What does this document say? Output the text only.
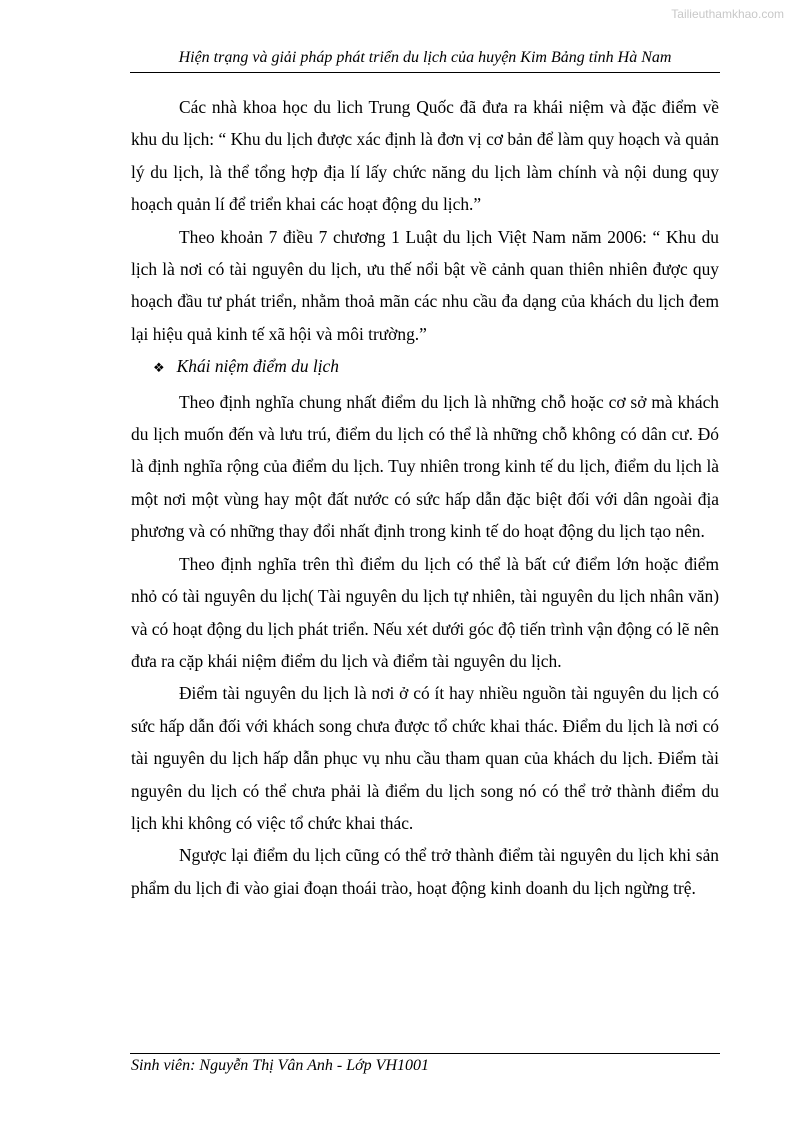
Tailieuthamkhao.com
Hiện trạng và giải pháp phát triển du lịch của huyện Kim Bảng tỉnh Hà Nam

Các nhà khoa học du lich Trung Quốc đã đưa ra khái niệm và đặc điểm về khu du lịch: “ Khu du lịch được xác định là đơn vị cơ bản để làm quy hoạch và quản lý du lịch, là thể tổng hợp địa lí lấy chức năng du lịch làm chính và nội dung quy hoạch quản lí để triển khai các hoạt động du lịch.”

Theo khoản 7 điều 7 chương 1 Luật du lịch Việt Nam năm 2006: “ Khu du lịch là nơi có tài nguyên du lịch, ưu thế nổi bật về cảnh quan thiên nhiên được quy hoạch đầu tư phát triển, nhằm thoả mãn các nhu cầu đa dạng của khách du lịch đem lại hiệu quả kinh tế xã hội và môi trường.”

❖ Khái niệm điểm du lịch

Theo định nghĩa chung nhất điểm du lịch là những chỗ hoặc cơ sở mà khách du lịch muốn đến và lưu trú, điểm du lịch có thể là những chỗ không có dân cư. Đó là định nghĩa rộng của điểm du lịch. Tuy nhiên trong kinh tế du lịch, điểm du lịch là một nơi một vùng hay một đất nước có sức hấp dẫn đặc biệt đối với dân ngoài địa phương và có những thay đổi nhất định trong kinh tế do hoạt động du lịch tạo nên.

Theo định nghĩa trên thì điểm du lịch có thể là bất cứ điểm lớn hoặc điểm nhỏ có tài nguyên du lịch( Tài nguyên du lịch tự nhiên, tài nguyên du lịch nhân văn) và có hoạt động du lịch phát triển. Nếu xét dưới góc độ tiến trình vận động có lẽ nên đưa ra cặp khái niệm điểm du lịch và điểm tài nguyên du lịch.

Điểm tài nguyên du lịch là nơi ở có ít hay nhiều nguồn tài nguyên du lịch có sức hấp dẫn đối với khách song chưa được tổ chức khai thác. Điểm du lịch là nơi có tài nguyên du lịch hấp dẫn phục vụ nhu cầu tham quan của khách du lịch. Điểm tài nguyên du lịch có thể chưa phải là điểm du lịch song nó có thể trở thành điểm du lịch khi không có việc tổ chức khai thác.

Ngược lại điểm du lịch cũng có thể trở thành điểm tài nguyên du lịch khi sản phẩm du lịch đi vào giai đoạn thoái trào, hoạt động kinh doanh du lịch ngừng trệ.

Sinh viên: Nguyễn Thị Vân Anh - Lớp VH1001
